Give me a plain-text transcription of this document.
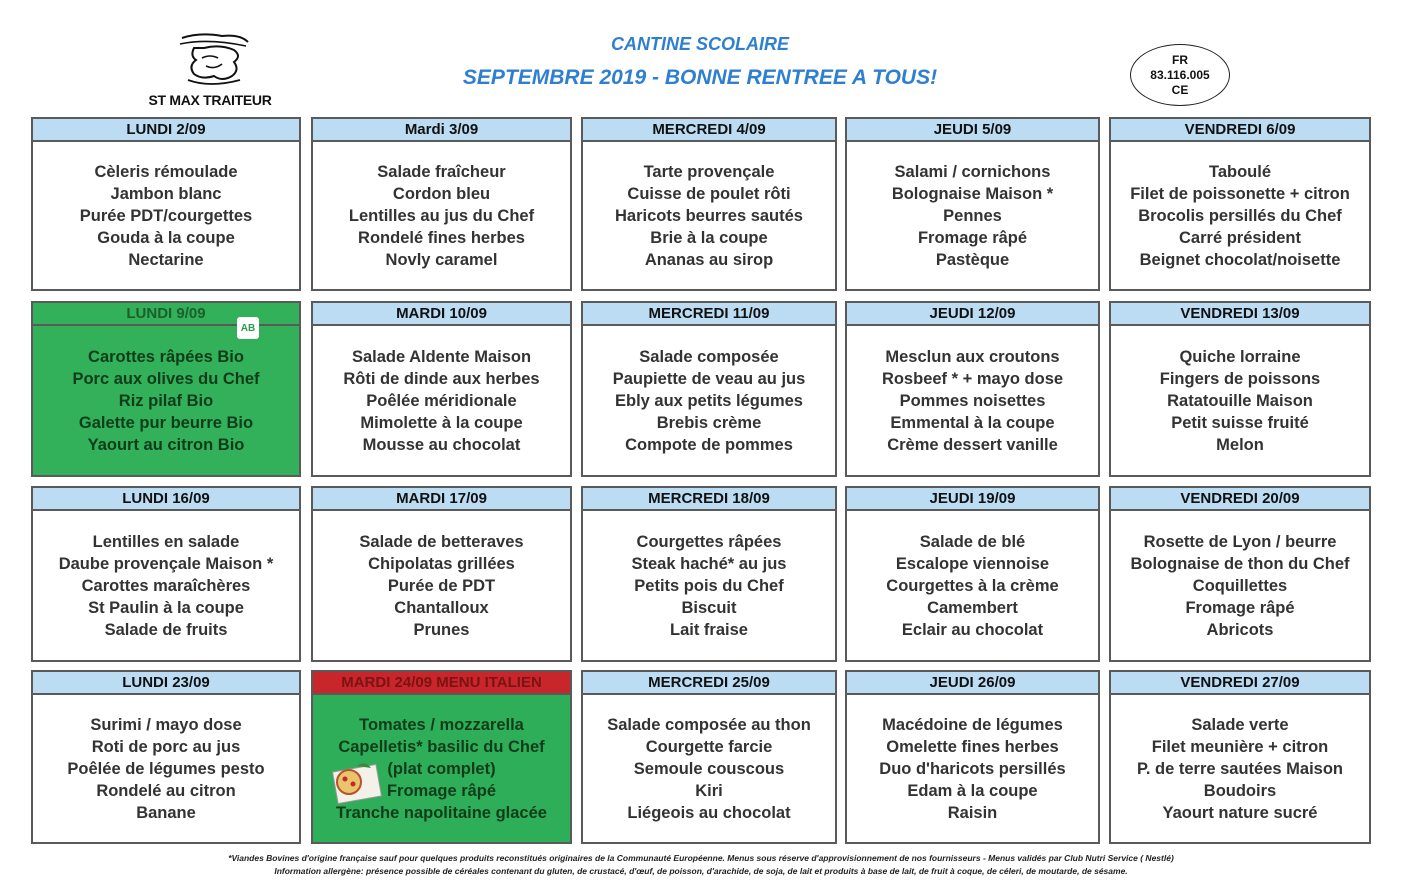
ST MAX TRAITEUR
CANTINE SCOLAIRE
SEPTEMBRE 2019 - BONNE RENTREE A TOUS!
FR
83.116.005
CE
LUNDI 2/09
Cèleris rémoulade
Jambon blanc
Purée PDT/courgettes
Gouda à la coupe
Nectarine
Mardi 3/09
Salade fraîcheur
Cordon bleu
Lentilles au jus du Chef
Rondelé fines herbes
Novly caramel
MERCREDI 4/09
Tarte provençale
Cuisse de poulet rôti
Haricots beurres sautés
Brie à la coupe
Ananas au sirop
JEUDI 5/09
Salami / cornichons
Bolognaise Maison *
Pennes
Fromage râpé
Pastèque
VENDREDI 6/09
Taboulé
Filet de poissonette + citron
Brocolis persillés du Chef
Carré président
Beignet chocolat/noisette
LUNDI 9/09
Carottes râpées Bio
Porc aux olives du Chef
Riz pilaf Bio
Galette pur beurre Bio
Yaourt au citron Bio
AB
MARDI 10/09
Salade Aldente Maison
Rôti de dinde aux herbes
Poêlée méridionale
Mimolette à la coupe
Mousse au chocolat
MERCREDI 11/09
Salade composée
Paupiette de veau au jus
Ebly aux petits légumes
Brebis crème
Compote de pommes
JEUDI 12/09
Mesclun aux croutons
Rosbeef * + mayo dose
Pommes noisettes
Emmental à la coupe
Crème dessert vanille
VENDREDI 13/09
Quiche lorraine
Fingers de poissons
Ratatouille Maison
Petit suisse fruité
Melon
LUNDI 16/09
Lentilles en salade
Daube provençale Maison *
Carottes maraîchères
St Paulin à la coupe
Salade de fruits
MARDI 17/09
Salade de betteraves
Chipolatas grillées
Purée de PDT
Chantalloux
Prunes
MERCREDI 18/09
Courgettes râpées
Steak haché* au jus
Petits pois du Chef
Biscuit
Lait fraise
JEUDI 19/09
Salade de blé
Escalope viennoise
Courgettes à la crème
Camembert
Eclair au chocolat
VENDREDI 20/09
Rosette de Lyon / beurre
Bolognaise de thon du Chef
Coquillettes
Fromage râpé
Abricots
LUNDI 23/09
Surimi / mayo dose
Roti de porc au jus
Poêlée de légumes pesto
Rondelé au citron
Banane
MARDI 24/09 MENU ITALIEN
Tomates / mozzarella
Capelletis* basilic du Chef
(plat complet)
Fromage râpé
Tranche napolitaine glacée
MERCREDI 25/09
Salade composée au thon
Courgette farcie
Semoule couscous
Kiri
Liégeois au chocolat
JEUDI 26/09
Macédoine de légumes
Omelette fines herbes
Duo d'haricots persillés
Edam à la coupe
Raisin
VENDREDI 27/09
Salade verte
Filet meunière + citron
P. de terre sautées Maison
Boudoirs
Yaourt nature sucré
*Viandes Bovines d'origine française sauf pour quelques produits reconstitués originaires de la Communauté Européenne. Menus sous réserve d'approvisionnement de nos fournisseurs - Menus validés par Club Nutri Service ( Nestlé)
Information allergène: présence possible de céréales contenant du gluten, de crustacé, d'œuf, de poisson, d'arachide, de soja, de lait et produits à base de lait, de fruit à coque, de céleri, de moutarde, de sésame.
